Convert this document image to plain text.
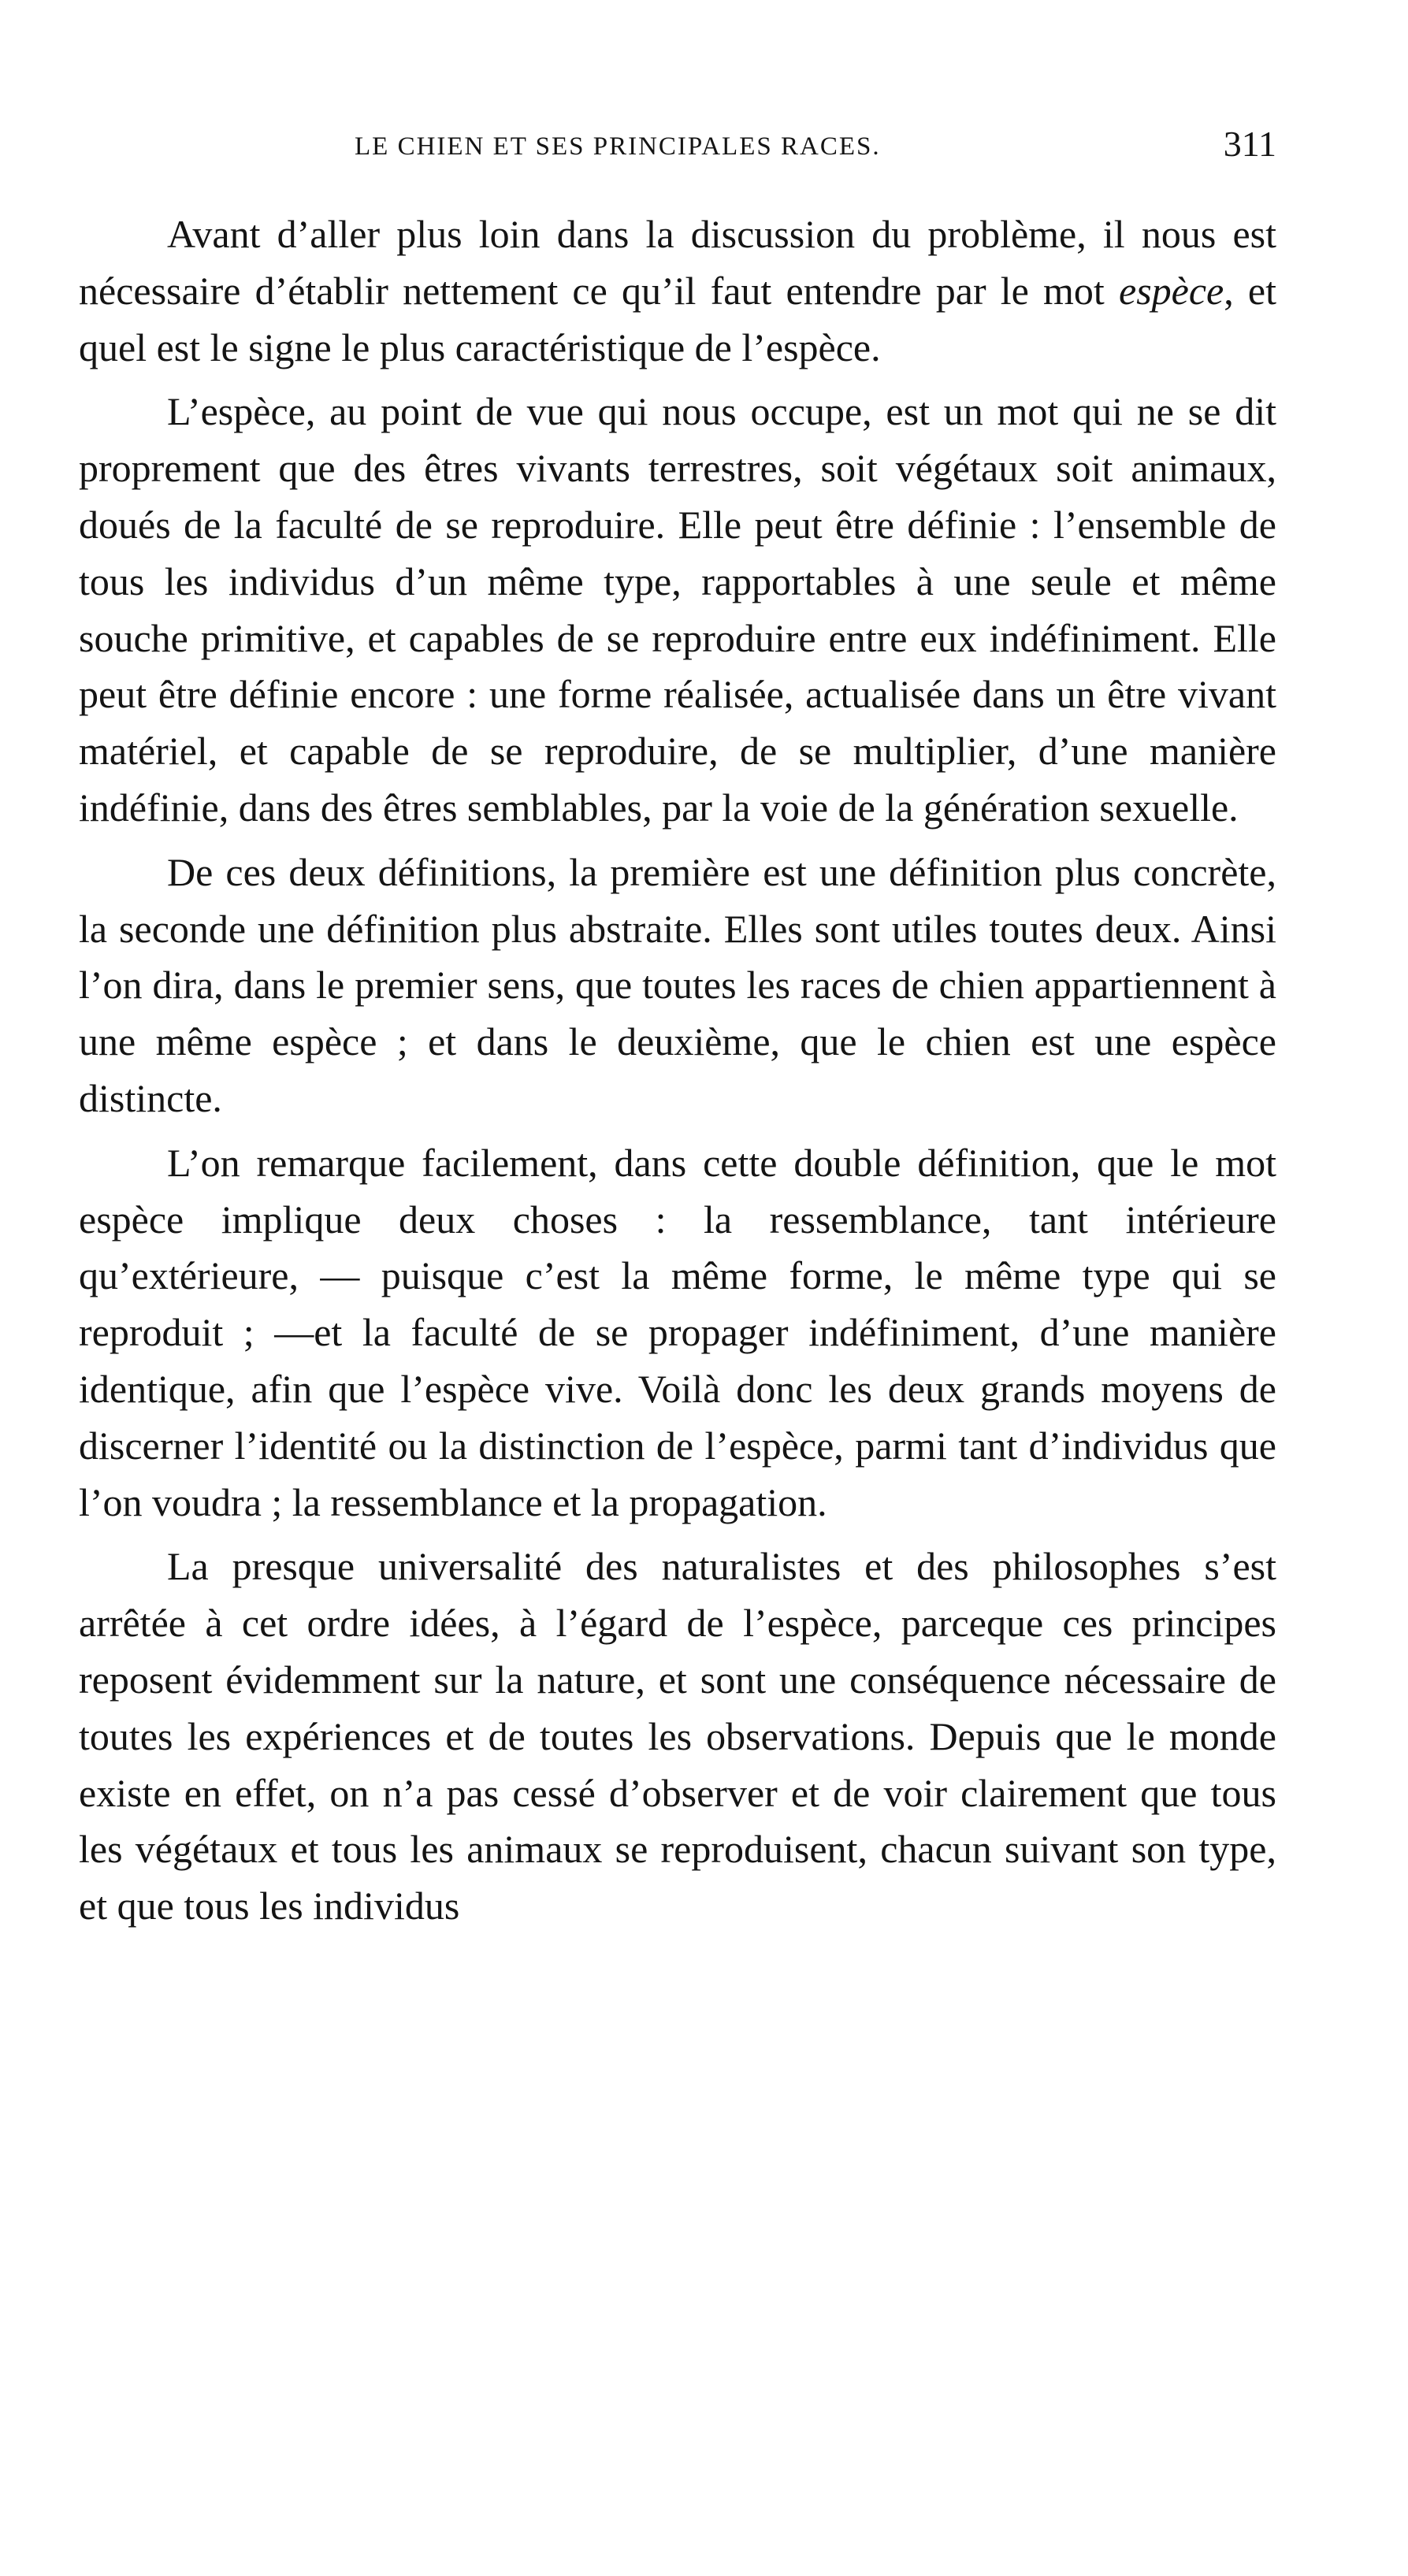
LE CHIEN ET SES PRINCIPALES RACES.	311

Avant d’aller plus loin dans la discussion du problème, il nous est nécessaire d’établir nettement ce qu’il faut entendre par le mot espèce, et quel est le signe le plus caractéristique de l’espèce.

L’espèce, au point de vue qui nous occupe, est un mot qui ne se dit proprement que des êtres vivants terrestres, soit végétaux soit animaux, doués de la faculté de se reproduire. Elle peut être définie : l’ensemble de tous les individus d’un même type, rapportables à une seule et même souche primitive, et capables de se reproduire entre eux indéfiniment. Elle peut être définie encore : une forme réalisée, actualisée dans un être vivant matériel, et capable de se reproduire, de se multiplier, d’une manière indéfinie, dans des êtres semblables, par la voie de la génération sexuelle.

De ces deux définitions, la première est une définition plus concrète, la seconde une définition plus abstraite. Elles sont utiles toutes deux. Ainsi l’on dira, dans le premier sens, que toutes les races de chien appartiennent à une même espèce ; et dans le deuxième, que le chien est une espèce distincte.

L’on remarque facilement, dans cette double définition, que le mot espèce implique deux choses : la ressemblance, tant intérieure qu’extérieure, — puisque c’est la même forme, le même type qui se reproduit ; —et la faculté de se propager indéfiniment, d’une manière identique, afin que l’espèce vive. Voilà donc les deux grands moyens de discerner l’identité ou la distinction de l’espèce, parmi tant d’individus que l’on voudra ; la ressemblance et la propagation.

La presque universalité des naturalistes et des philosophes s’est arrêtée à cet ordre idées, à l’égard de l’espèce, parceque ces principes reposent évidemment sur la nature, et sont une conséquence nécessaire de toutes les expériences et de toutes les observations. Depuis que le monde existe en effet, on n’a pas cessé d’observer et de voir clairement que tous les végétaux et tous les animaux se reproduisent, chacun suivant son type, et que tous les individus
